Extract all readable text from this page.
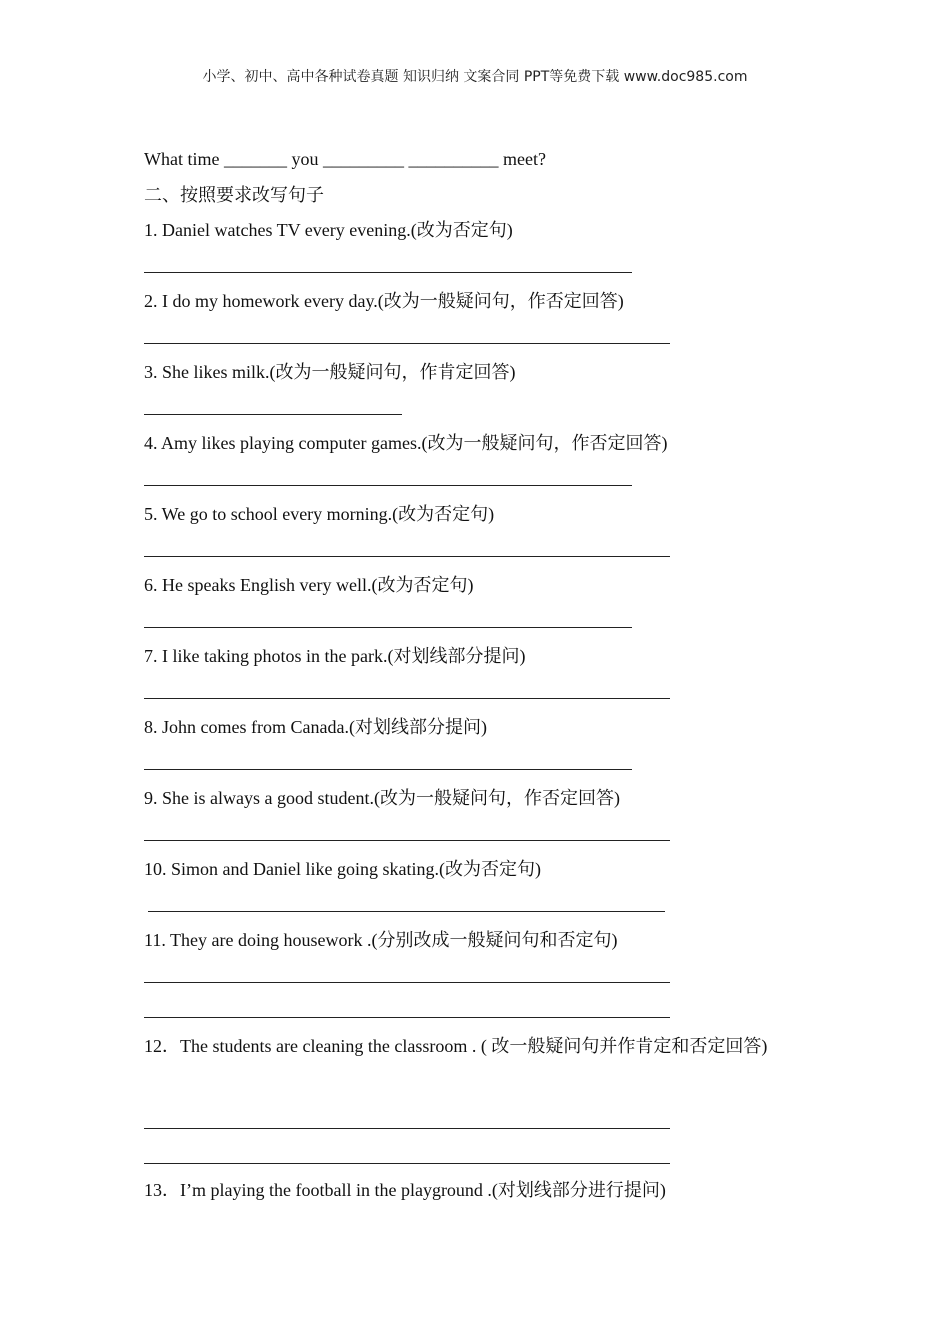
小学、初中、高中各种试卷真题 知识归纳 文案合同 PPT等免费下载 www.doc985.com
What time _______ you _________ __________ meet?
二、按照要求改写句子
1. Daniel watches TV every evening.(改为否定句)
2. I do my homework every day.(改为一般疑问句，作否定回答)
3. She likes milk.(改为一般疑问句，作肯定回答)
4. Amy likes playing computer games.(改为一般疑问句，作否定回答)
5. We go to school every morning.(改为否定句)
6. He speaks English very well.(改为否定句)
7. I like taking photos in the park.(对划线部分提问)
8. John comes from Canada.(对划线部分提问)
9. She is always a good student.(改为一般疑问句，作否定回答)
10. Simon and Daniel like going skating.(改为否定句)
11. They are doing housework .(分别改成一般疑问句和否定句)
12．The students are cleaning the classroom . ( 改一般疑问句并作肯定和否定回答)
13．I’m playing the football in the playground .(对划线部分进行提问)
